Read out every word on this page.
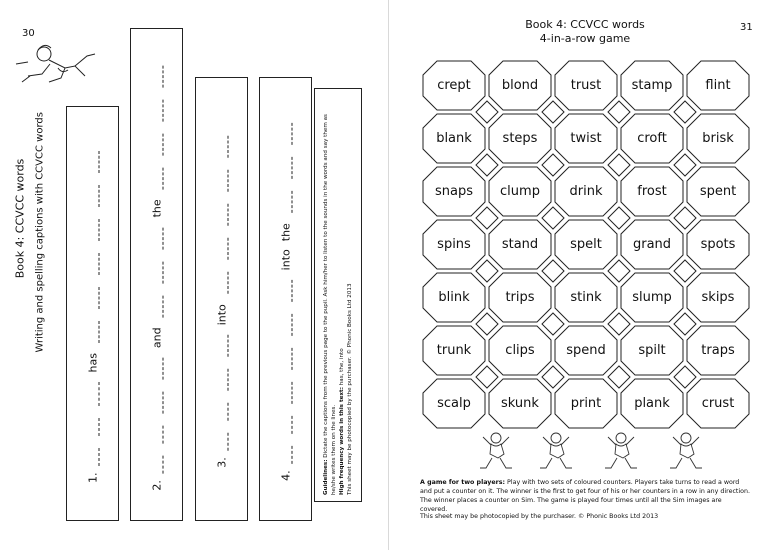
30
Book 4: CCVCC words Writing and spelling captions with CCVCC words
1.
has
2.
and
the
3.
into
4.
into
the
Guidelines: Dictate the captions from the previous page to the pupil. Ask him/her to listen to the sounds in the words and say them as he/she writes them on the lines. High frequency words in this text: has, the, into This sheet may be photocopied by the purchaser. © Phonic Books Ltd 2013
31
Book 4: CCVCC words
4-in-a-row game
crept	blond	trust	stamp	flint
blank	steps	twist	croft	brisk
snaps	clump	drink	frost	spent
spins	stand	spelt	grand	spots
blink	trips	stink	slump	skips
trunk	clips	spend	spilt	traps
scalp	skunk	print	plank	crust
A game for two players: Play with two sets of coloured counters. Players take turns to read a word and put a counter on it. The winner is the first to get four of his or her counters in a row in any direction. The winner places a counter on Sim. The game is played four times until all the Sim images are covered.
This sheet may be photocopied by the purchaser. © Phonic Books Ltd 2013
